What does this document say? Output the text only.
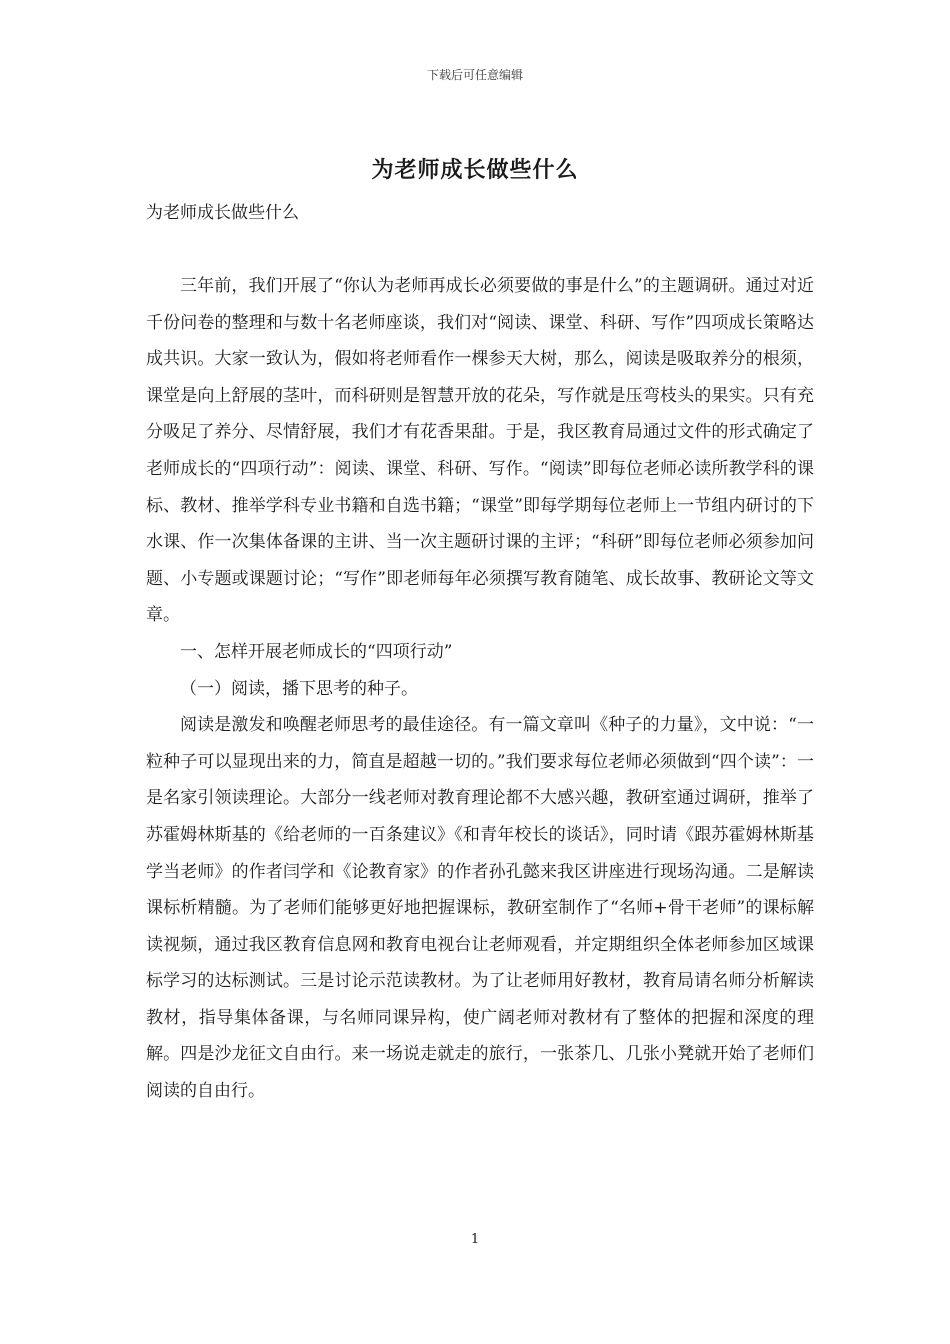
下载后可任意编辑
为老师成长做些什么
为老师成长做些什么

三年前，我们开展了“你认为老师再成长必须要做的事是什么”的主题调研。通过对近千份问卷的整理和与数十名老师座谈，我们对“阅读、课堂、科研、写作”四项成长策略达成共识。大家一致认为，假如将老师看作一棵参天大树，那么，阅读是吸取养分的根须，课堂是向上舒展的茎叶，而科研则是智慧开放的花朵，写作就是压弯枝头的果实。只有充分吸足了养分、尽情舒展，我们才有花香果甜。于是，我区教育局通过文件的形式确定了老师成长的“四项行动”：阅读、课堂、科研、写作。“阅读”即每位老师必读所教学科的课标、教材、推举学科专业书籍和自选书籍；“课堂”即每学期每位老师上一节组内研讨的下水课、作一次集体备课的主讲、当一次主题研讨课的主评；“科研”即每位老师必须参加问题、小专题或课题讨论；“写作”即老师每年必须撰写教育随笔、成长故事、教研论文等文章。

一、怎样开展老师成长的“四项行动”

（一）阅读，播下思考的种子。

阅读是激发和唤醒老师思考的最佳途径。有一篇文章叫《种子的力量》，文中说：“一粒种子可以显现出来的力，简直是超越一切的。”我们要求每位老师必须做到“四个读”：一是名家引领读理论。大部分一线老师对教育理论都不大感兴趣，教研室通过调研，推举了苏霍姆林斯基的《给老师的一百条建议》《和青年校长的谈话》，同时请《跟苏霍姆林斯基学当老师》的作者闫学和《论教育家》的作者孙孔懿来我区讲座进行现场沟通。二是解读课标析精髓。为了老师们能够更好地把握课标，教研室制作了“名师+骨干老师”的课标解读视频，通过我区教育信息网和教育电视台让老师观看，并定期组织全体老师参加区域课标学习的达标测试。三是讨论示范读教材。为了让老师用好教材，教育局请名师分析解读教材，指导集体备课，与名师同课异构，使广阔老师对教材有了整体的把握和深度的理解。四是沙龙征文自由行。来一场说走就走的旅行，一张茶几、几张小凳就开始了老师们阅读的自由行。

1
